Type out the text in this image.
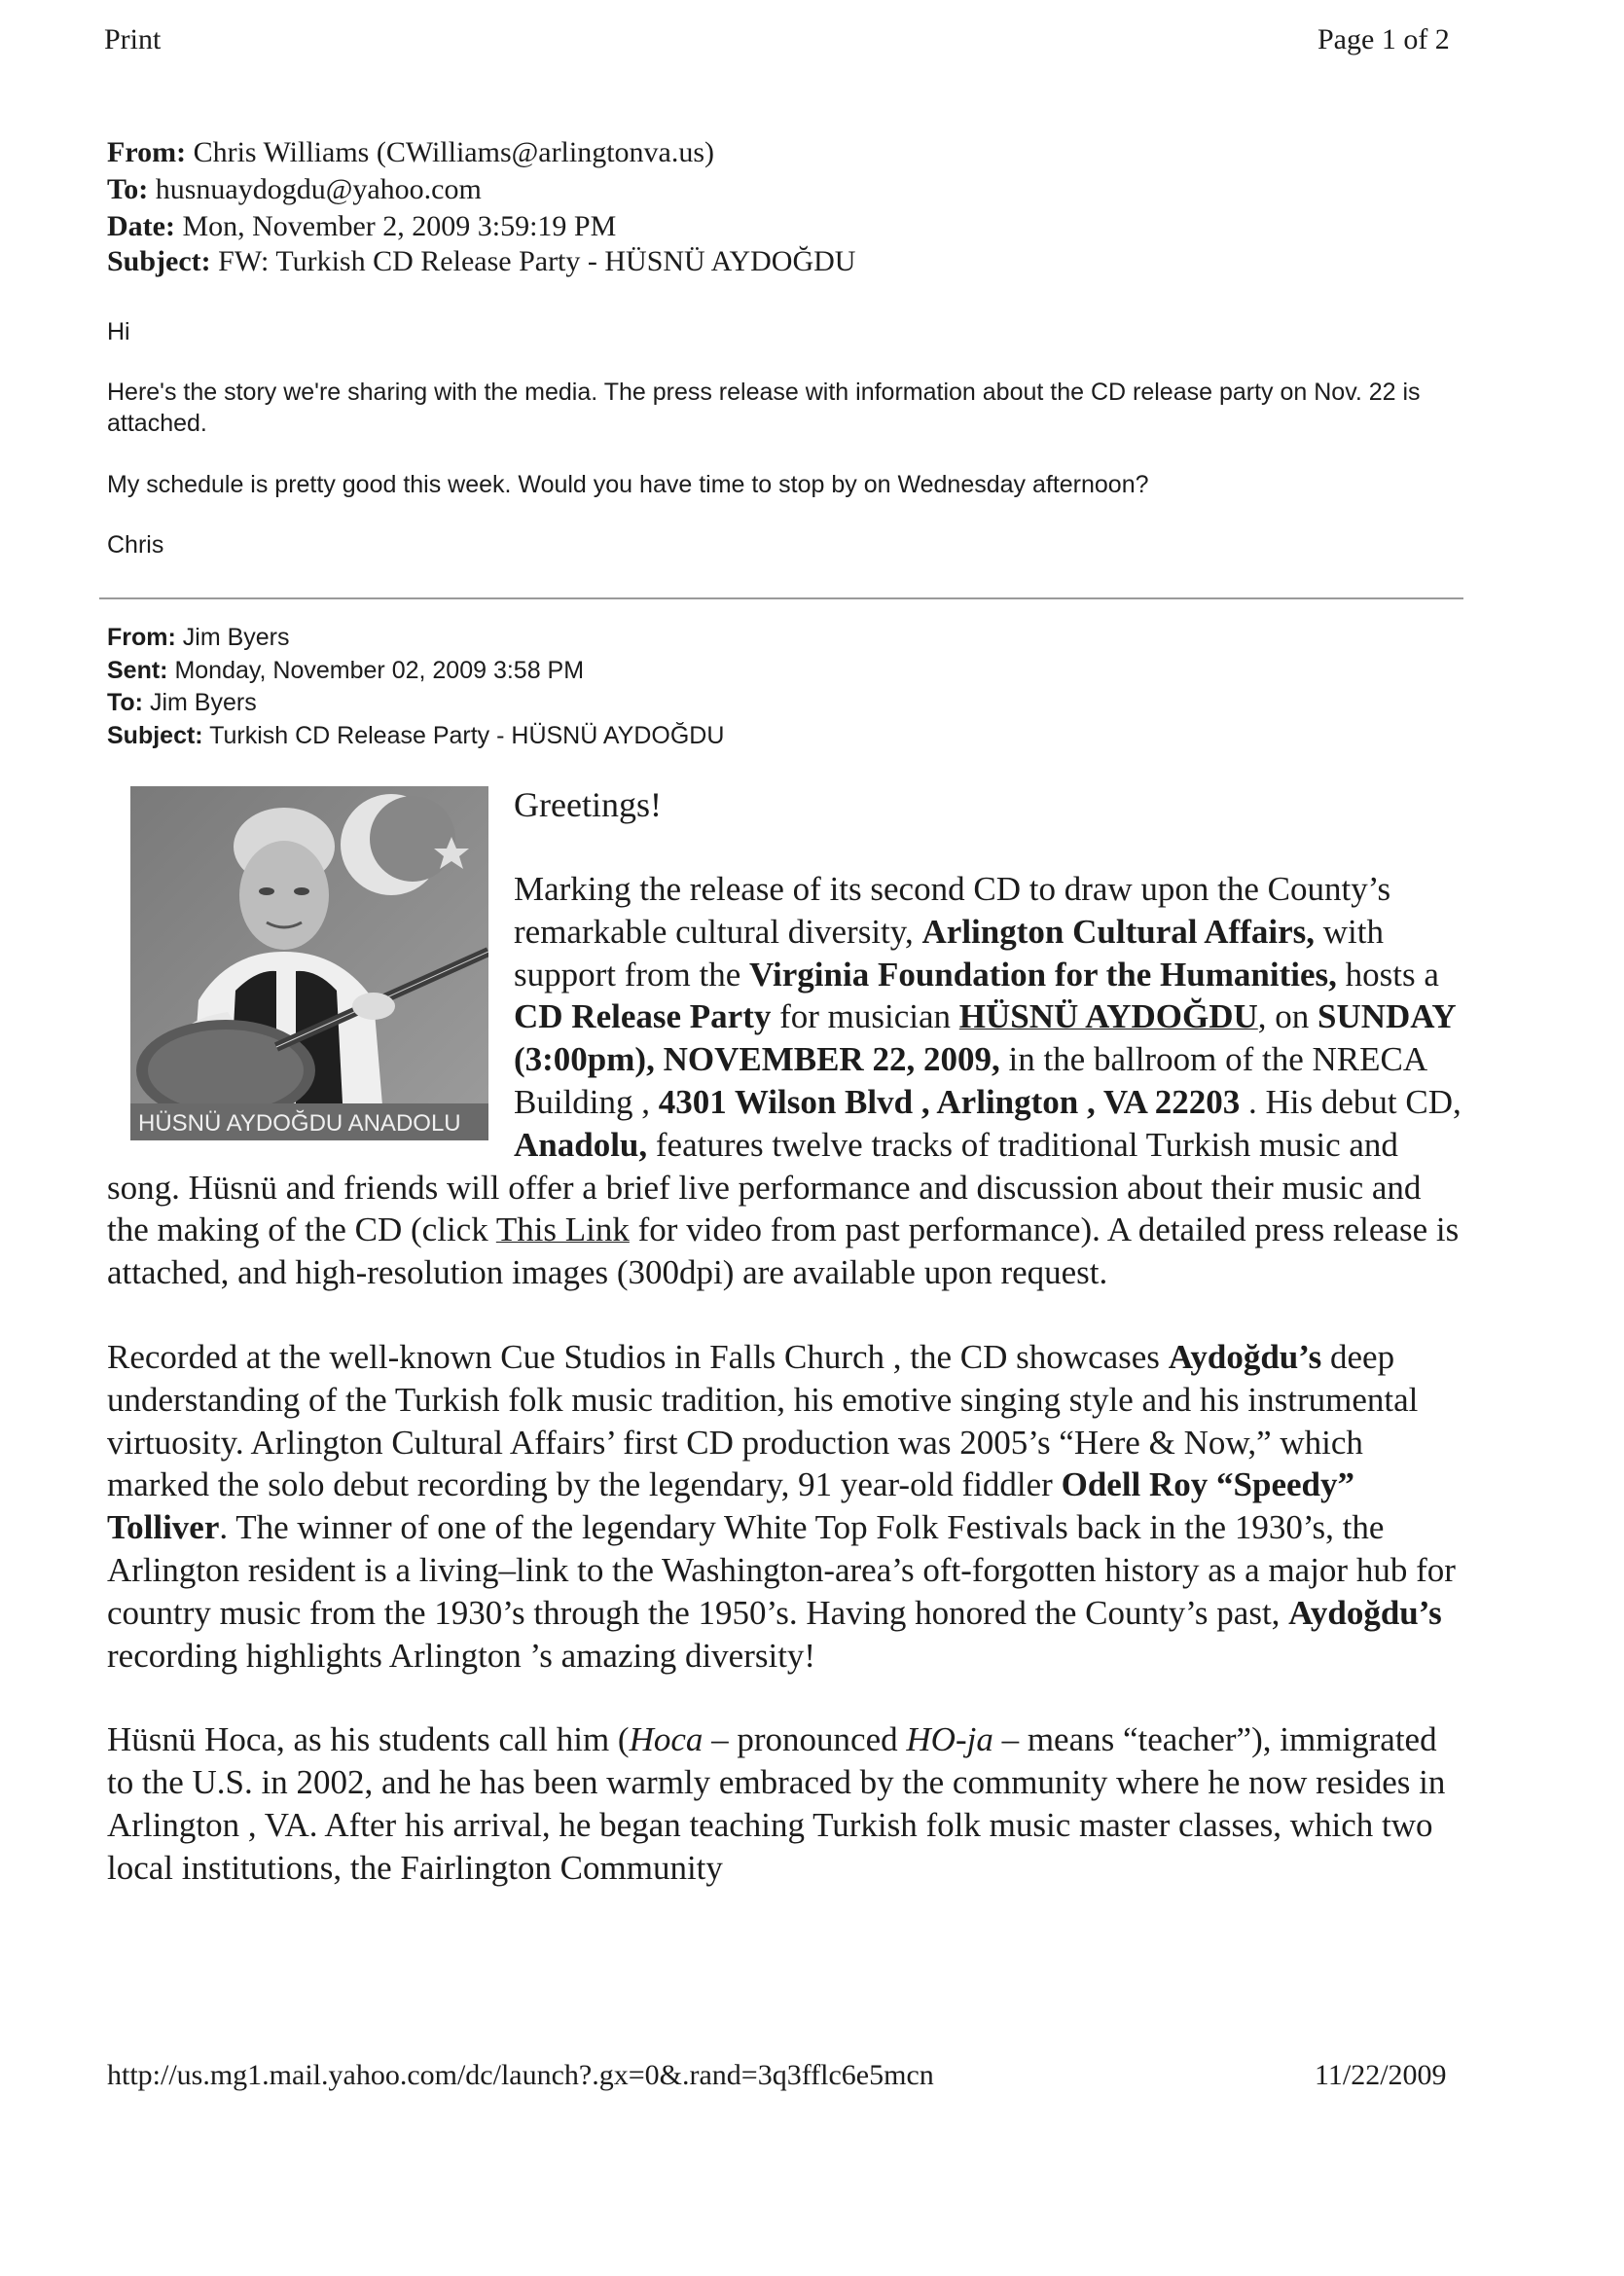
Print	Page 1 of 2
From: Chris Williams (CWilliams@arlingtonva.us)
To: husnuaydogdu@yahoo.com
Date: Mon, November 2, 2009 3:59:19 PM
Subject: FW: Turkish CD Release Party - HÜSNÜ AYDOĞDU
Hi
Here's the story we're sharing with the media. The press release with information about the CD release party on Nov. 22 is attached.
My schedule is pretty good this week. Would you have time to stop by on Wednesday afternoon?
Chris
From: Jim Byers
Sent: Monday, November 02, 2009 3:58 PM
To: Jim Byers
Subject: Turkish CD Release Party - HÜSNÜ AYDOĞDU
HÜSNÜ AYDOĞDU ANADOLU
Greetings!

Marking the release of its second CD to draw upon the County’s remarkable cultural diversity, Arlington Cultural Affairs, with support from the Virginia Foundation for the Humanities, hosts a CD Release Party for musician HÜSNÜ AYDOĞDU, on SUNDAY (3:00pm), NOVEMBER 22, 2009, in the ballroom of the NRECA Building , 4301 Wilson Blvd , Arlington , VA 22203 . His debut CD, Anadolu, features twelve tracks of traditional Turkish music and song. Hüsnü and friends will offer a brief live performance and discussion about their music and the making of the CD (click This Link for video from past performance). A detailed press release is attached, and high-resolution images (300dpi) are available upon request.

Recorded at the well-known Cue Studios in Falls Church , the CD showcases Aydoğdu’s deep understanding of the Turkish folk music tradition, his emotive singing style and his instrumental virtuosity. Arlington Cultural Affairs’ first CD production was 2005’s “Here & Now,” which marked the solo debut recording by the legendary, 91 year-old fiddler Odell Roy “Speedy” Tolliver. The winner of one of the legendary White Top Folk Festivals back in the 1930’s, the Arlington resident is a living–link to the Washington-area’s oft-forgotten history as a major hub for country music from the 1930’s through the 1950’s. Having honored the County’s past, Aydoğdu’s recording highlights Arlington ’s amazing diversity!

Hüsnü Hoca, as his students call him (Hoca – pronounced HO-ja – means “teacher”), immigrated to the U.S. in 2002, and he has been warmly embraced by the community where he now resides in Arlington , VA. After his arrival, he began teaching Turkish folk music master classes, which two local institutions, the Fairlington Community

http://us.mg1.mail.yahoo.com/dc/launch?.gx=0&.rand=3q3fflc6e5mcn	11/22/2009
